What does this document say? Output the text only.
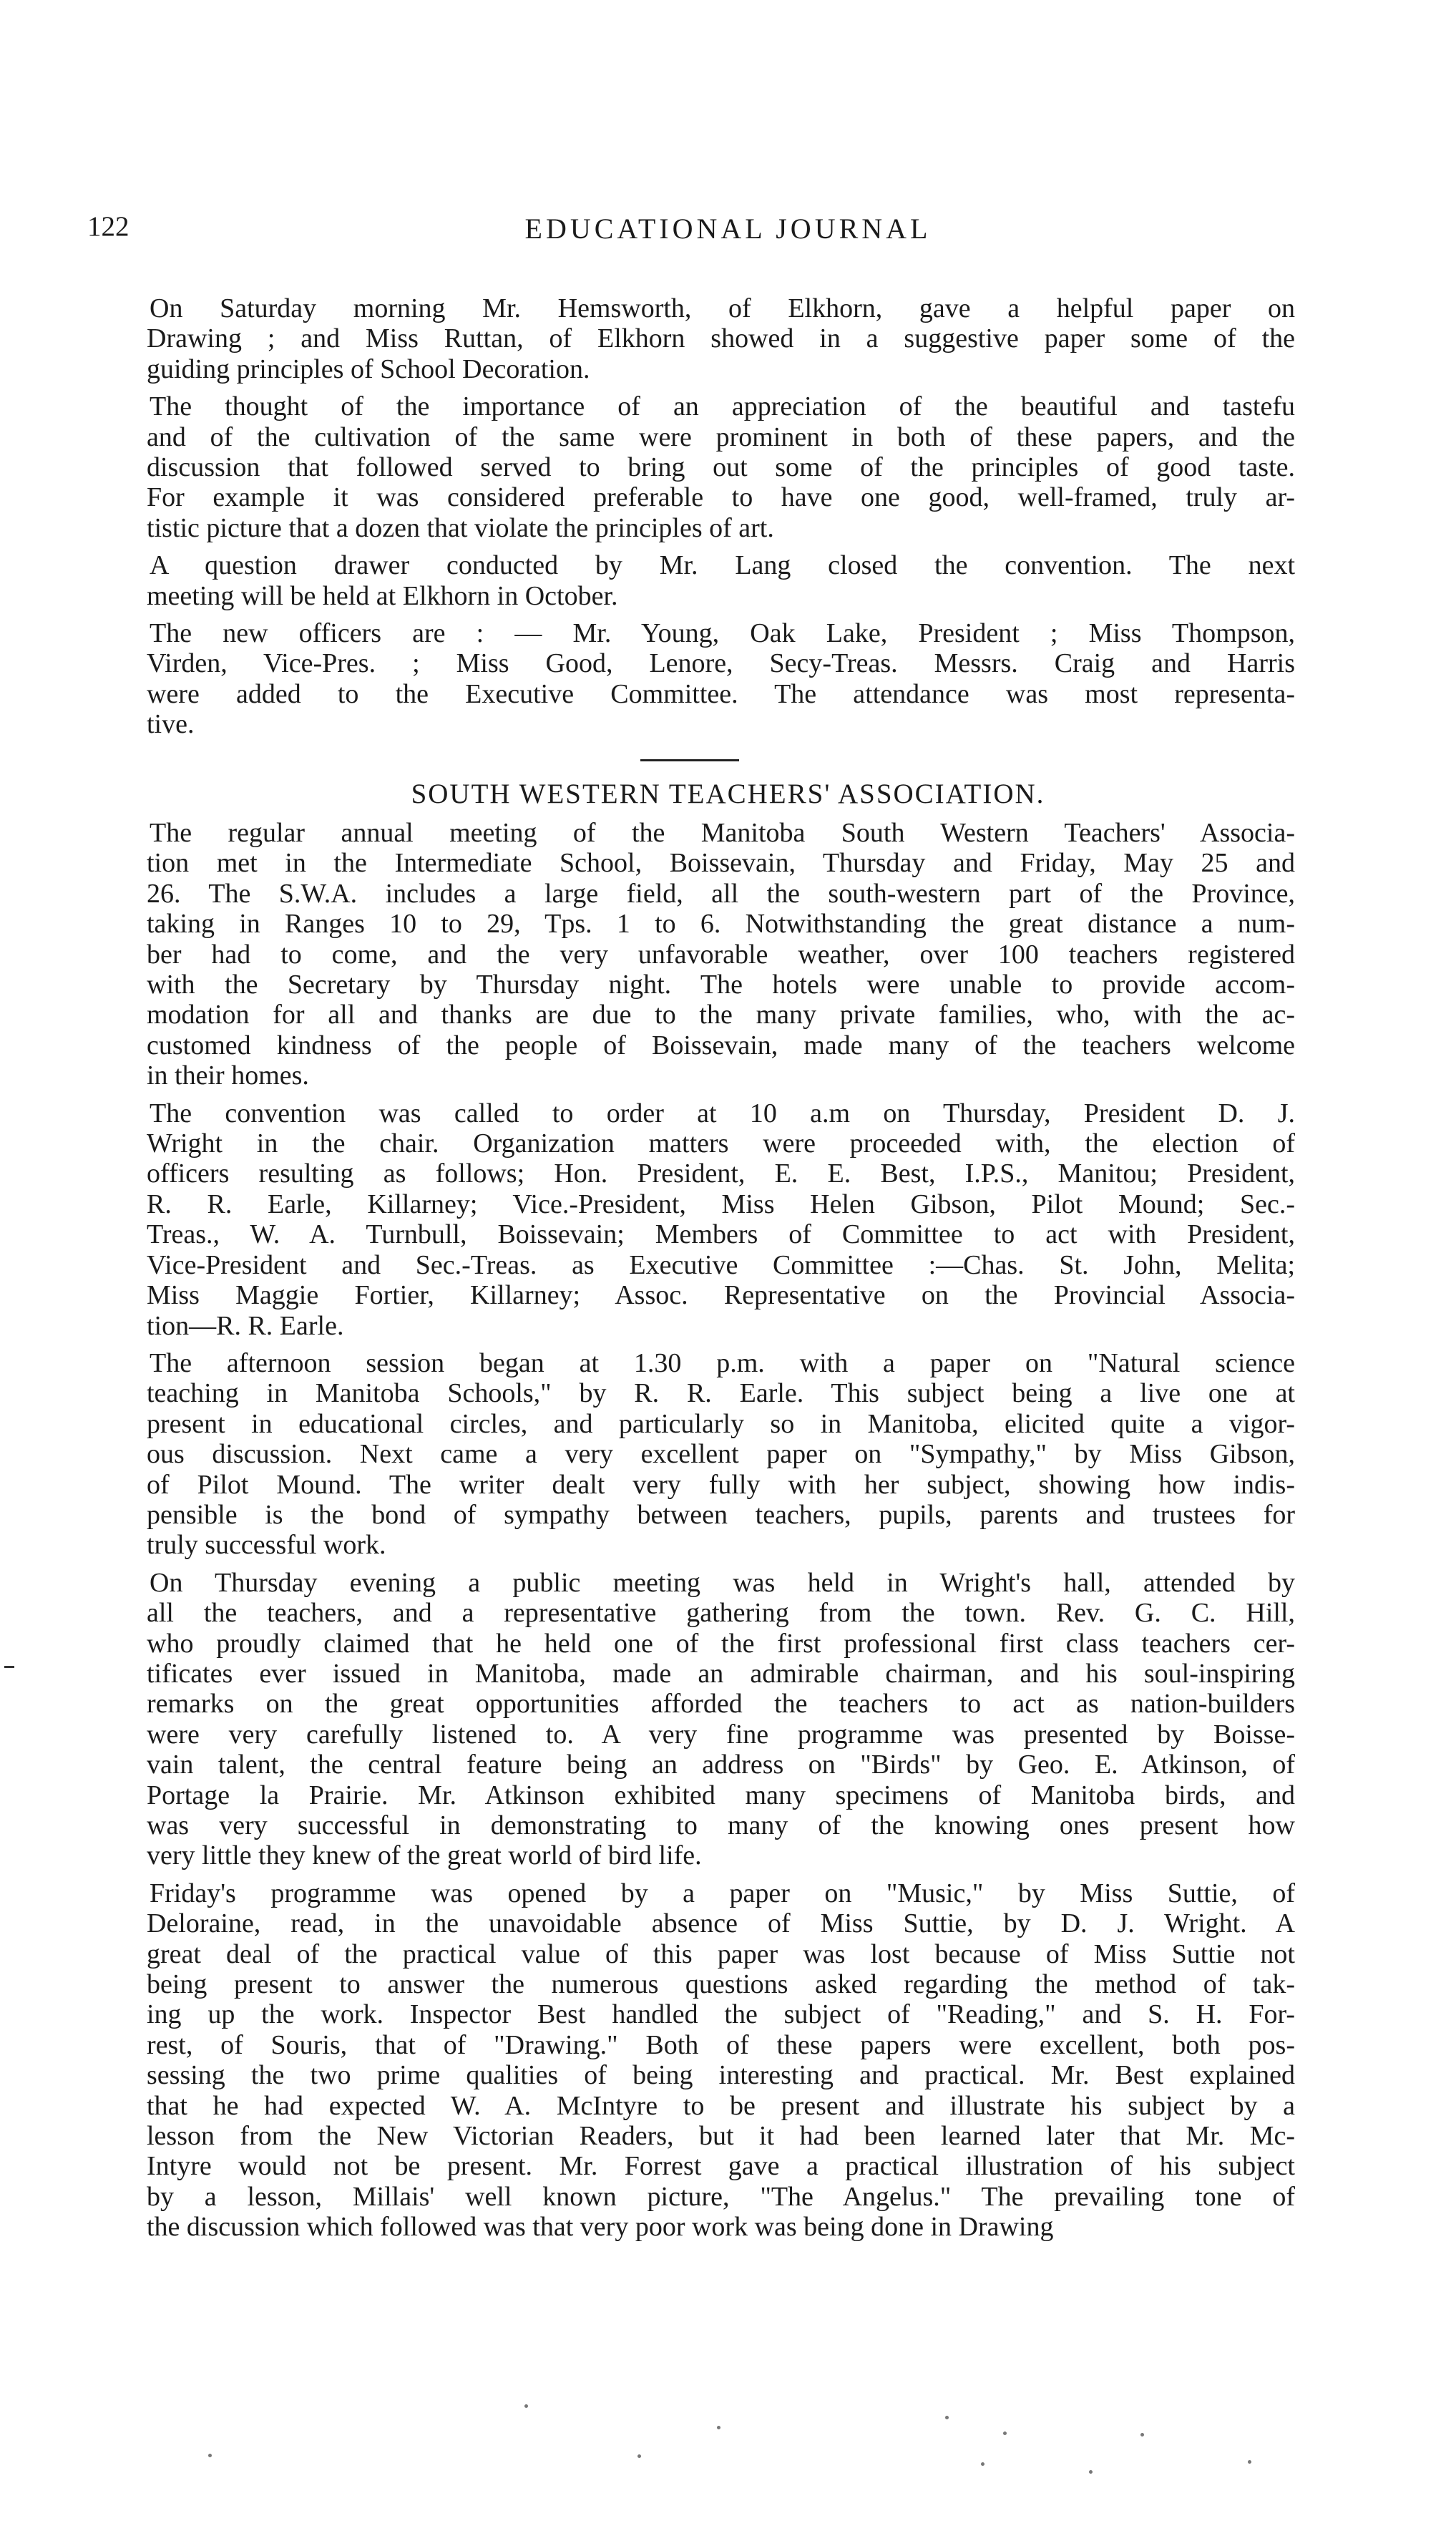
122	EDUCATIONAL JOURNAL
On Saturday morning Mr. Hemsworth, of Elkhorn, gave a helpful paper on
Drawing ; and Miss Ruttan, of Elkhorn showed in a suggestive paper some of the
guiding principles of School Decoration.
The thought of the importance of an appreciation of the beautiful and tastefu
and of the cultivation of the same were prominent in both of these papers, and the
discussion that followed served to bring out some of the principles of good taste.
For example it was considered preferable to have one good, well-framed, truly ar-
tistic picture that a dozen that violate the principles of art.
A question drawer conducted by Mr. Lang closed the convention. The next
meeting will be held at Elkhorn in October.
The new officers are : — Mr. Young, Oak Lake, President ; Miss Thompson,
Virden, Vice-Pres. ; Miss Good, Lenore, Secy-Treas. Messrs. Craig and Harris
were added to the Executive Committee. The attendance was most representa-
tive.
SOUTH WESTERN TEACHERS' ASSOCIATION.
The regular annual meeting of the Manitoba South Western Teachers' Associa-
tion met in the Intermediate School, Boissevain, Thursday and Friday, May 25 and
26. The S.W.A. includes a large field, all the south-western part of the Province,
taking in Ranges 10 to 29, Tps. 1 to 6. Notwithstanding the great distance a num-
ber had to come, and the very unfavorable weather, over 100 teachers registered
with the Secretary by Thursday night. The hotels were unable to provide accom-
modation for all and thanks are due to the many private families, who, with the ac-
customed kindness of the people of Boissevain, made many of the teachers welcome
in their homes.
The convention was called to order at 10 a.m on Thursday, President D. J.
Wright in the chair. Organization matters were proceeded with, the election of
officers resulting as follows; Hon. President, E. E. Best, I.P.S., Manitou; President,
R. R. Earle, Killarney; Vice.-President, Miss Helen Gibson, Pilot Mound; Sec.-
Treas., W. A. Turnbull, Boissevain; Members of Committee to act with President,
Vice-President and Sec.-Treas. as Executive Committee :—Chas. St. John, Melita;
Miss Maggie Fortier, Killarney; Assoc. Representative on the Provincial Associa-
tion—R. R. Earle.
The afternoon session began at 1.30 p.m. with a paper on "Natural science
teaching in Manitoba Schools," by R. R. Earle. This subject being a live one at
present in educational circles, and particularly so in Manitoba, elicited quite a vigor-
ous discussion. Next came a very excellent paper on "Sympathy," by Miss Gibson,
of Pilot Mound. The writer dealt very fully with her subject, showing how indis-
pensible is the bond of sympathy between teachers, pupils, parents and trustees for
truly successful work.
On Thursday evening a public meeting was held in Wright's hall, attended by
all the teachers, and a representative gathering from the town. Rev. G. C. Hill,
who proudly claimed that he held one of the first professional first class teachers cer-
tificates ever issued in Manitoba, made an admirable chairman, and his soul-inspiring
remarks on the great opportunities afforded the teachers to act as nation-builders
were very carefully listened to. A very fine programme was presented by Boisse-
vain talent, the central feature being an address on "Birds" by Geo. E. Atkinson, of
Portage la Prairie. Mr. Atkinson exhibited many specimens of Manitoba birds, and
was very successful in demonstrating to many of the knowing ones present how
very little they knew of the great world of bird life.
Friday's programme was opened by a paper on "Music," by Miss Suttie, of
Deloraine, read, in the unavoidable absence of Miss Suttie, by D. J. Wright. A
great deal of the practical value of this paper was lost because of Miss Suttie not
being present to answer the numerous questions asked regarding the method of tak-
ing up the work. Inspector Best handled the subject of "Reading," and S. H. For-
rest, of Souris, that of "Drawing." Both of these papers were excellent, both pos-
sessing the two prime qualities of being interesting and practical. Mr. Best explained
that he had expected W. A. McIntyre to be present and illustrate his subject by a
lesson from the New Victorian Readers, but it had been learned later that Mr. Mc-
Intyre would not be present. Mr. Forrest gave a practical illustration of his subject
by a lesson, Millais' well known picture, "The Angelus." The prevailing tone of
the discussion which followed was that very poor work was being done in Drawing
